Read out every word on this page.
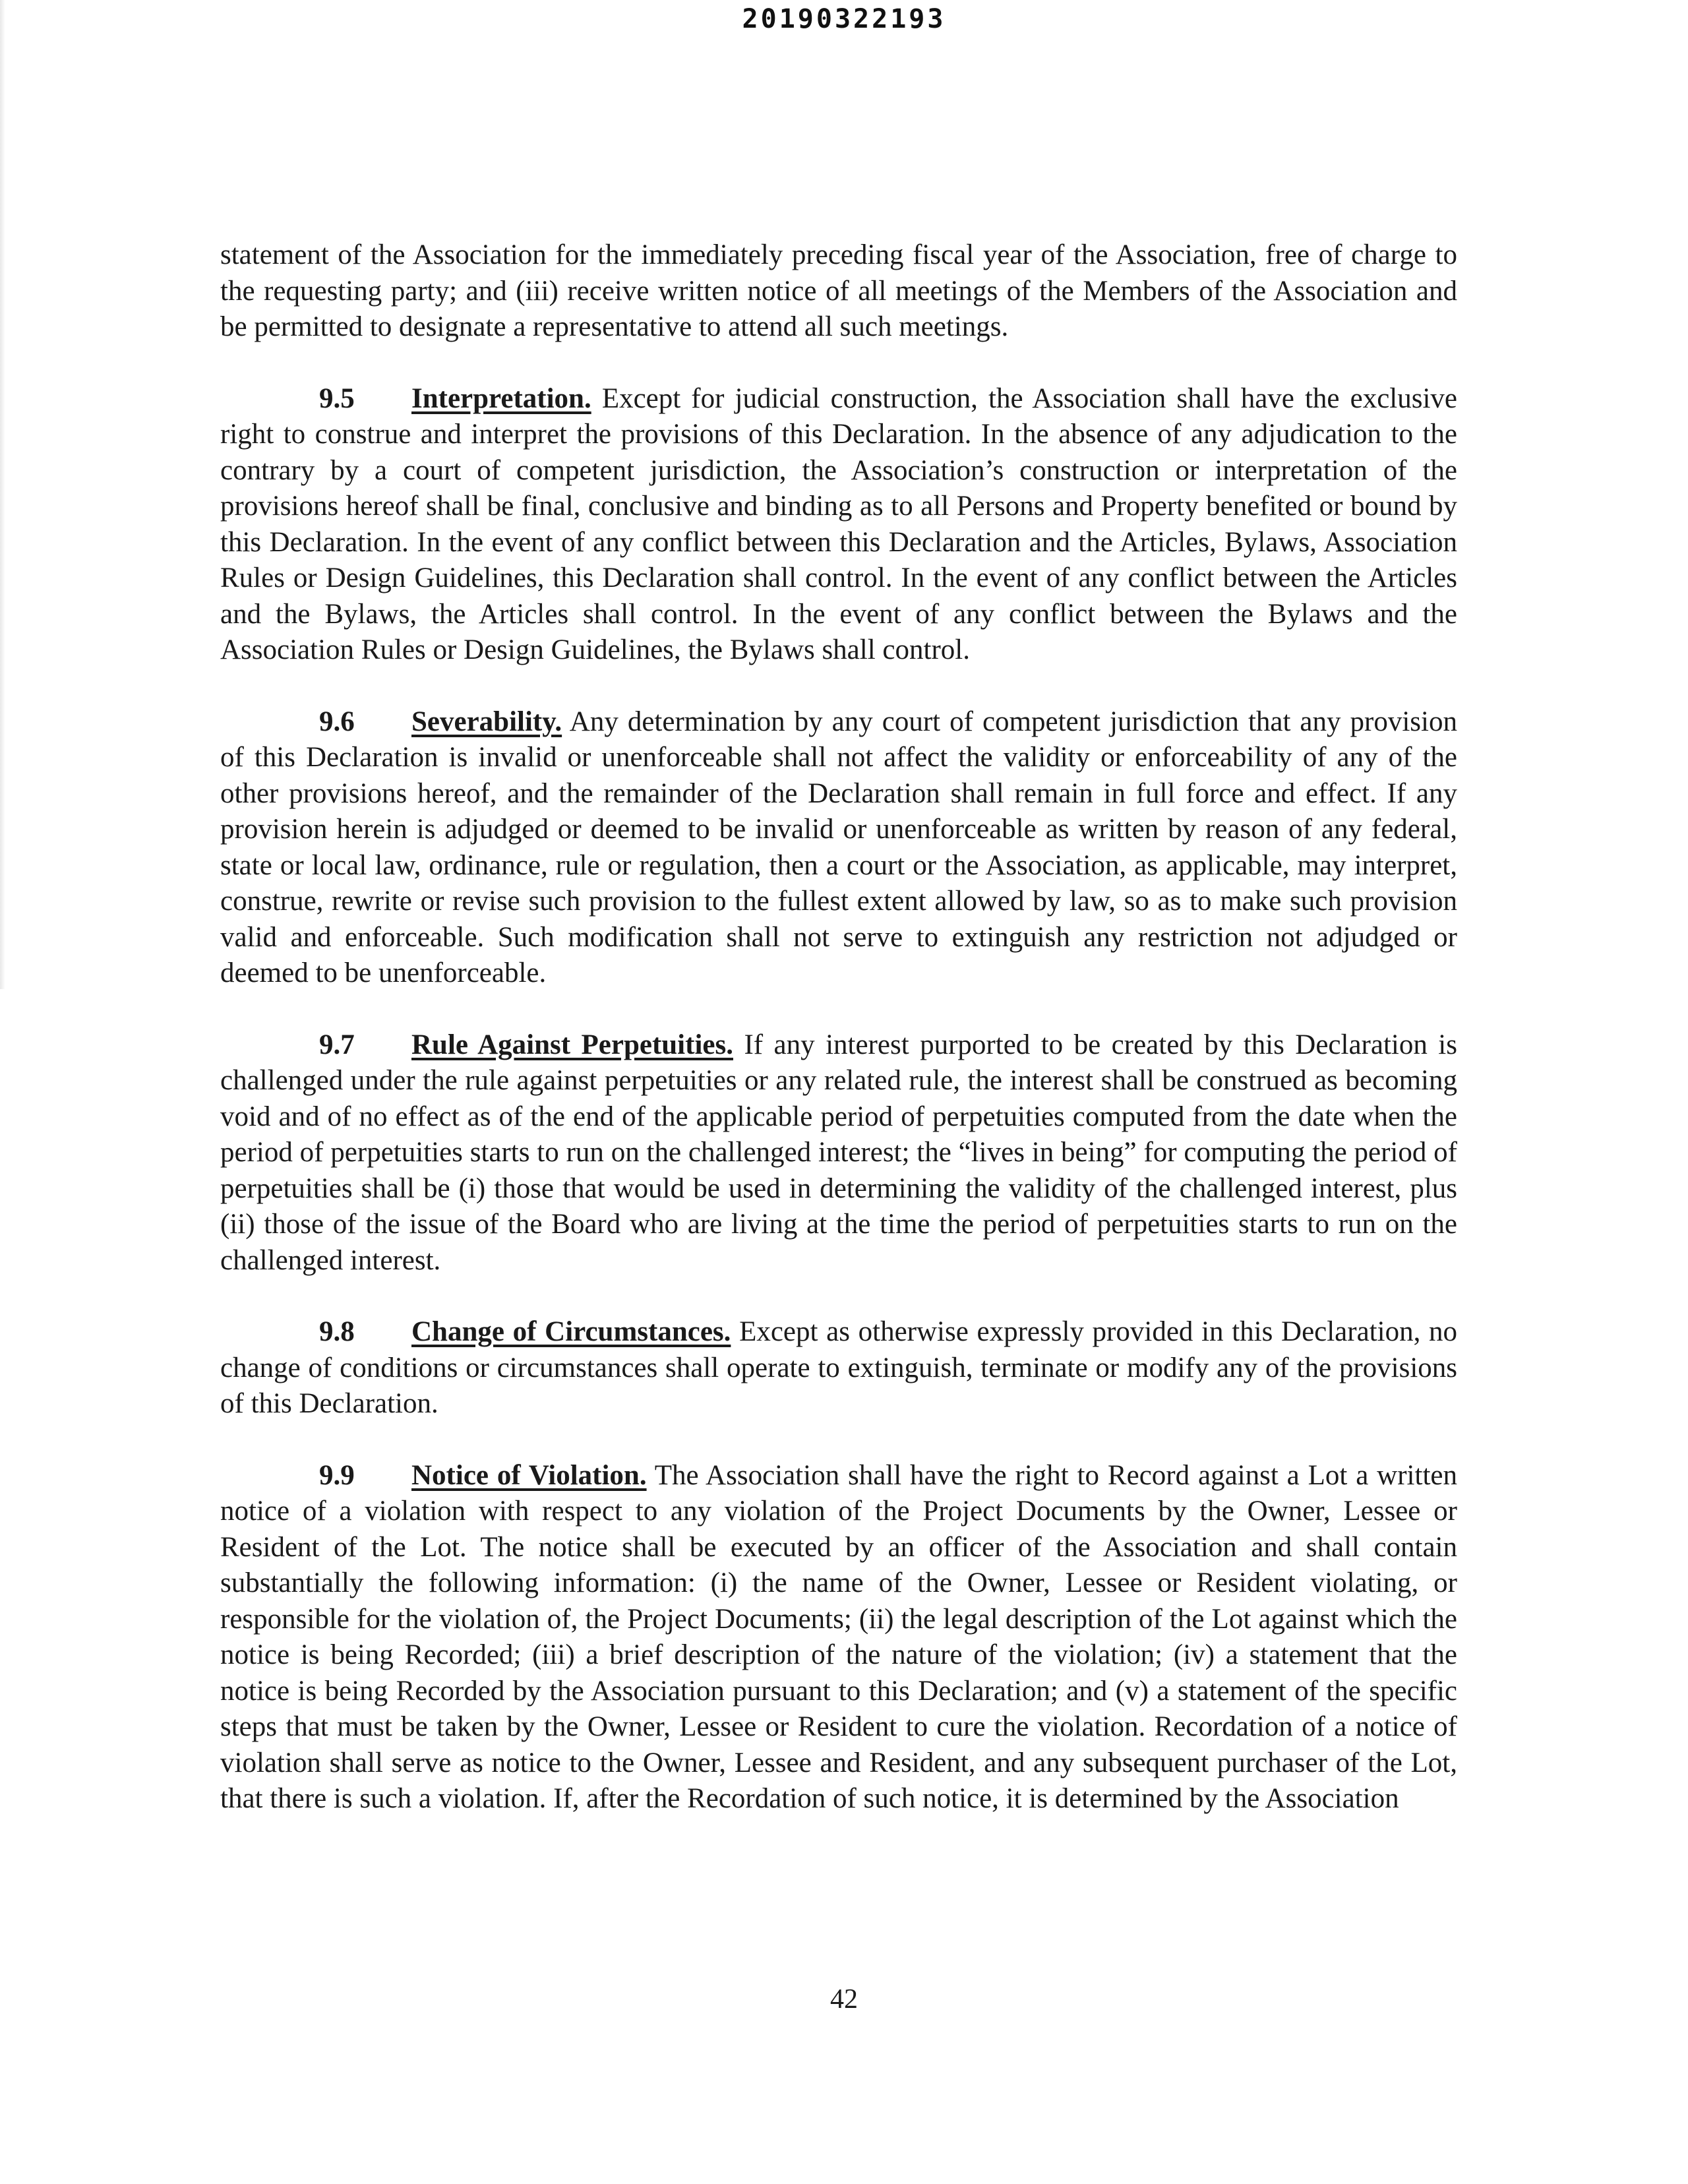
20190322193

statement of the Association for the immediately preceding fiscal year of the Association, free of charge to the requesting party; and (iii) receive written notice of all meetings of the Members of the Association and be permitted to designate a representative to attend all such meetings.

9.5 Interpretation. Except for judicial construction, the Association shall have the exclusive right to construe and interpret the provisions of this Declaration. In the absence of any adjudication to the contrary by a court of competent jurisdiction, the Association’s construction or interpretation of the provisions hereof shall be final, conclusive and binding as to all Persons and Property benefited or bound by this Declaration. In the event of any conflict between this Declaration and the Articles, Bylaws, Association Rules or Design Guidelines, this Declaration shall control. In the event of any conflict between the Articles and the Bylaws, the Articles shall control. In the event of any conflict between the Bylaws and the Association Rules or Design Guidelines, the Bylaws shall control.

9.6 Severability. Any determination by any court of competent jurisdiction that any provision of this Declaration is invalid or unenforceable shall not affect the validity or enforceability of any of the other provisions hereof, and the remainder of the Declaration shall remain in full force and effect. If any provision herein is adjudged or deemed to be invalid or unenforceable as written by reason of any federal, state or local law, ordinance, rule or regulation, then a court or the Association, as applicable, may interpret, construe, rewrite or revise such provision to the fullest extent allowed by law, so as to make such provision valid and enforceable. Such modification shall not serve to extinguish any restriction not adjudged or deemed to be unenforceable.

9.7 Rule Against Perpetuities. If any interest purported to be created by this Declaration is challenged under the rule against perpetuities or any related rule, the interest shall be construed as becoming void and of no effect as of the end of the applicable period of perpetuities computed from the date when the period of perpetuities starts to run on the challenged interest; the “lives in being” for computing the period of perpetuities shall be (i) those that would be used in determining the validity of the challenged interest, plus (ii) those of the issue of the Board who are living at the time the period of perpetuities starts to run on the challenged interest.

9.8 Change of Circumstances. Except as otherwise expressly provided in this Declaration, no change of conditions or circumstances shall operate to extinguish, terminate or modify any of the provisions of this Declaration.

9.9 Notice of Violation. The Association shall have the right to Record against a Lot a written notice of a violation with respect to any violation of the Project Documents by the Owner, Lessee or Resident of the Lot. The notice shall be executed by an officer of the Association and shall contain substantially the following information: (i) the name of the Owner, Lessee or Resident violating, or responsible for the violation of, the Project Documents; (ii) the legal description of the Lot against which the notice is being Recorded; (iii) a brief description of the nature of the violation; (iv) a statement that the notice is being Recorded by the Association pursuant to this Declaration; and (v) a statement of the specific steps that must be taken by the Owner, Lessee or Resident to cure the violation. Recordation of a notice of violation shall serve as notice to the Owner, Lessee and Resident, and any subsequent purchaser of the Lot, that there is such a violation. If, after the Recordation of such notice, it is determined by the Association

42
